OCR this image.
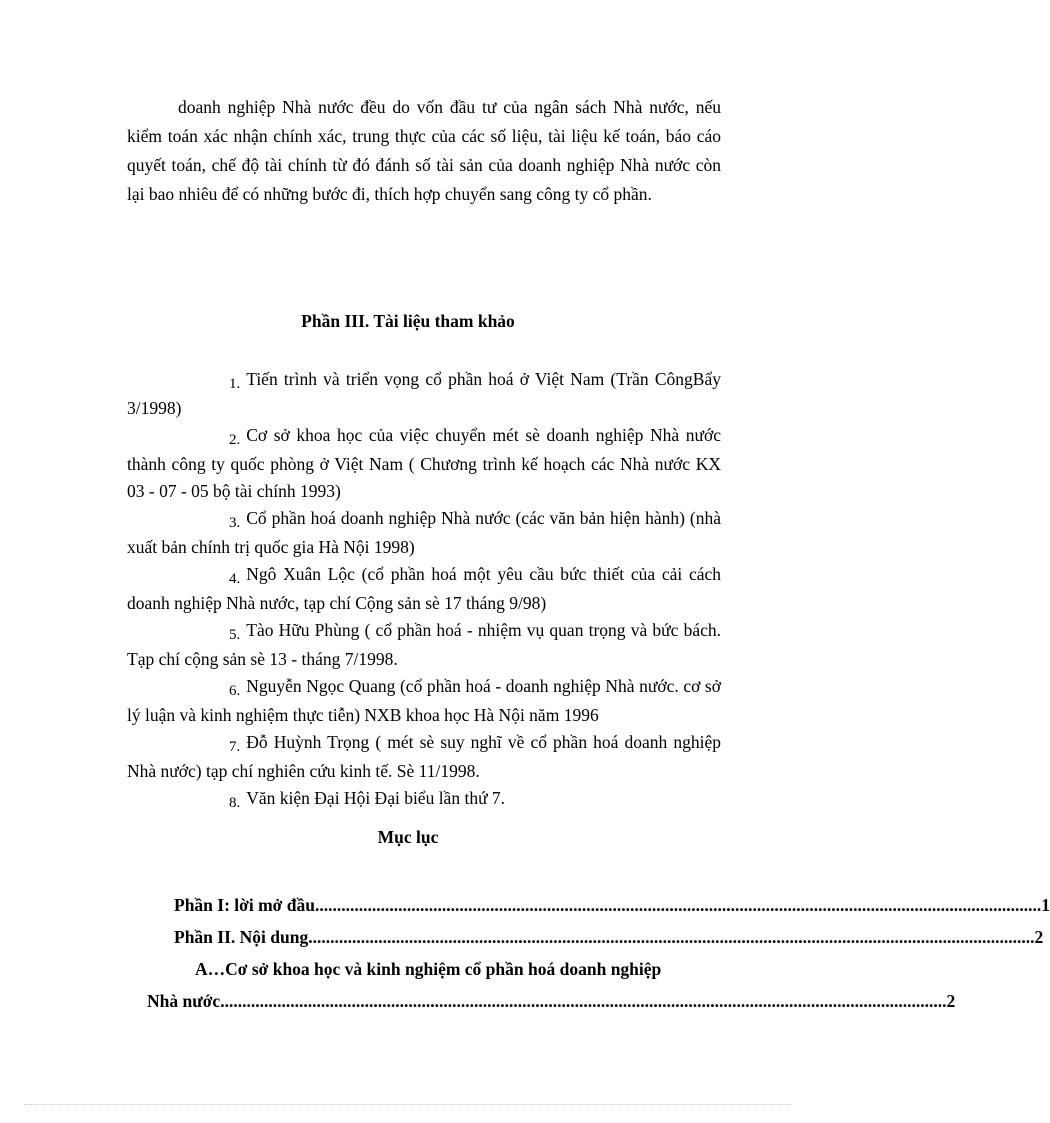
doanh nghiệp Nhà nước đều do vốn đầu tư của ngân sách Nhà nước, nếu kiểm toán xác nhận chính xác, trung thực của các số liệu, tài liệu kế toán, báo cáo quyết toán, chế độ tài chính từ đó đánh số tài sản của doanh nghiệp Nhà nước còn lại bao nhiêu để có những bước đi, thích hợp chuyển sang công ty cổ phần.

Phần III. Tài liệu tham khảo

1. Tiến trình và triển vọng cổ phần hoá ở Việt Nam (Trần CôngBẩy 3/1998)

2. Cơ sở khoa học của việc chuyển mét sè doanh nghiệp Nhà nước thành công ty quốc phòng ở Việt Nam ( Chương trình kế hoạch các Nhà nước KX 03 - 07 - 05 bộ tài chính 1993)

3. Cổ phần hoá doanh nghiệp Nhà nước (các văn bản hiện hành) (nhà xuất bản chính trị quốc gia Hà Nội 1998)

4. Ngô Xuân Lộc (cổ phần hoá một yêu cầu bức thiết của cải cách doanh nghiệp Nhà nước, tạp chí Cộng sản sè 17 tháng 9/98)

5. Tào Hữu Phùng ( cổ phần hoá - nhiệm vụ quan trọng và bức bách. Tạp chí cộng sản sè 13 - tháng 7/1998.

6. Nguyễn Ngọc Quang (cổ phần hoá - doanh nghiệp Nhà nước. cơ sở lý luận và kinh nghiệm thực tiễn) NXB khoa học Hà Nội năm 1996

7. Đỗ Huỳnh Trọng ( mét sè suy nghĩ về cổ phần hoá doanh nghiệp Nhà nước) tạp chí nghiên cứu kinh tế. Sè 11/1998.

8. Văn kiện Đại Hội Đại biểu lần thứ 7.

Mục lục
Phần I: lời mở đầu ...................................................................................................................................................................... 1
Phần II. Nội dung ...................................................................................................................................................................... 2
A…Cơ sở khoa học và kinh nghiệm cổ phần hoá doanh nghiệp
Nhà nước ...................................................................................................................................................................... 2
